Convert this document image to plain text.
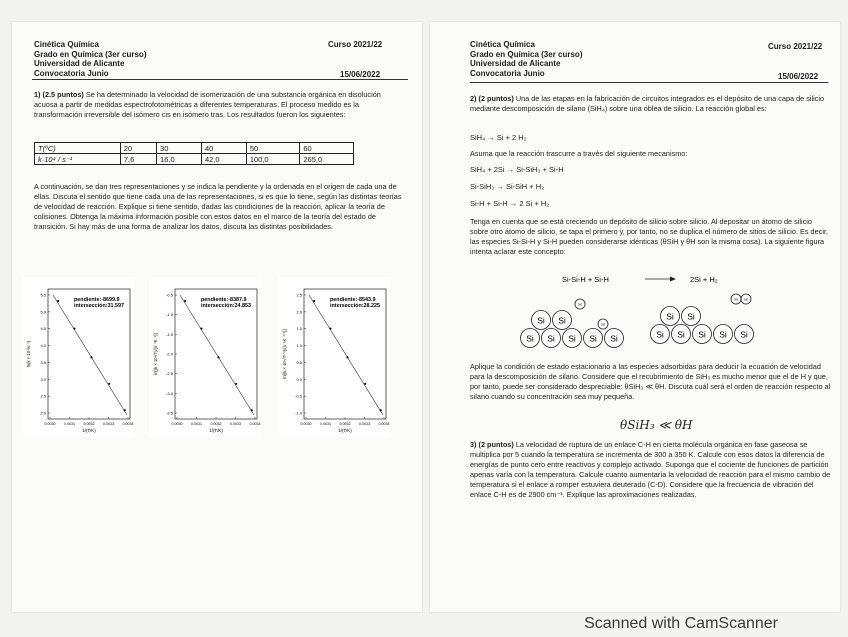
Cinética Química
Grado en Química (3er curso)
Universidad de Alicante
Convocatoria Junio
Curso 2021/22
15/06/2022
1) (2.5 puntos) Se ha determinado la velocidad de isomerización de una substancia orgánica en disolución acuosa a partir de medidas espectrofotométricas a diferentes temperaturas. El proceso medido es la transformación irreversible del isómero cis en isómero tras. Los resultados fueron los siguientes:
T(ºC)	20	30	40	50	60
k·10⁴ / s⁻¹	7,6	16,0	42,0	100,0	265,0
A continuación, se dan tres representaciones y se indica la pendiente y la ordenada en el origen de cada una de ellas. Discuta el sentido que tiene cada una de las representaciones, si es que lo tiene, según las distintas teorías de velocidad de reacción. Explique si tiene sentido, dadas las condiciones de la reacción, aplicar la teoría de colisiones. Obtenga la máxima información posible con estos datos en el marco de la teoría del estado de transición. Si hay más de una forma de analizar los datos, discuta las distintas posibilidades.
5.5
5.0
4.5
4.0
3.5
3.0
2.5
2.0
0.0030 0.0031 0.0032 0.0033 0.0034
pendiente:-8699.9
intersección:31.597
1/(T/K)
ln(k × 10⁴/s⁻¹)
-0.5
-1.0
-1.5
-2.0
-2.5
-3.0
-3.5
0.0030 0.0031 0.0032 0.0033 0.0034
pendiente:-8387.9
intersección:24.853
1/(T/K)
ln[(k × 10⁴/T)/(s⁻¹K⁻¹)]
2.5
2.0
1.5
1.0
0.5
0.0
-0.5
-1.0
0.0030 0.0031 0.0032 0.0033 0.0034
pendiente:-8543.9
intersección:28.225
1/(T/K)
ln[(k × 10⁴/T¹ᐟ²)/(s⁻¹K⁻¹ᐟ²)]
Cinética Química
Grado en Química (3er curso)
Universidad de Alicante
Convocatoria Junio
Curso 2021/22
15/06/2022
2) (2 puntos) Una de las etapas en la fabricación de circuitos integrados es el depósito de una capa de silicio mediante descomposición de silano (SiH₄) sobre una oblea de silicio. La reacción global es:
SiH₄ → Si + 2 H₂
Asuma que la reacción trascurre a través del siguiente mecanismo:
SiH₄ + 2Si → Si-SiH₃ + Si-H
Si-SiH₃ → Si-SiH + H₂
Si-H + Si-H → 2 Si + H₂
Tenga en cuenta que se está creciendo un depósito de silicio sobre silicio. Al depositar un átomo de silicio sobre otro átomo de silicio, se tapa el primero y, por tanto, no se duplica el número de sitios de silicio. Es decir, las especies Si-Si-H y Si-H pueden considerarse idénticas (θSiH y θH son la misma cosa). La siguiente figura intenta aclarar este concepto:
Si-Si-H + Si-H	2Si + H₂
Si Si Si Si Si
Si Si
H
H
Si Si Si Si Si
Si Si
H H
Aplique la condición de estado estacionario a las especies adsorbidas para deducir la ecuación de velocidad para la descomposición de silano. Considere que el recubrimiento de SiH₃ es mucho menor que el de H y que, por tanto, puede ser considerado despreciable: θSiH₃ ≪ θH. Discuta cuál será el orden de reacción respecto al silano cuando su concentración sea muy pequeña.
θSiH₃ ≪ θH
3) (2 puntos) La velocidad de ruptura de un enlace C-H en cierta molécula orgánica en fase gaseosa se multiplica por 5 cuando la temperatura se incrementa de 300 a 350 K. Calcule con esos datos la diferencia de energías de punto cero entre reactivos y complejo activado. Suponga que el cociente de funciones de partición apenas varía con la temperatura. Calcule cuanto aumentaría la velocidad de reacción para el mismo cambio de temperatura si el enlace a romper estuviera deuterado (C-D). Considere que la frecuencia de vibración del enlace C-H es de 2900 cm⁻¹. Explique las aproximaciones realizadas.
Scanned with CamScanner
